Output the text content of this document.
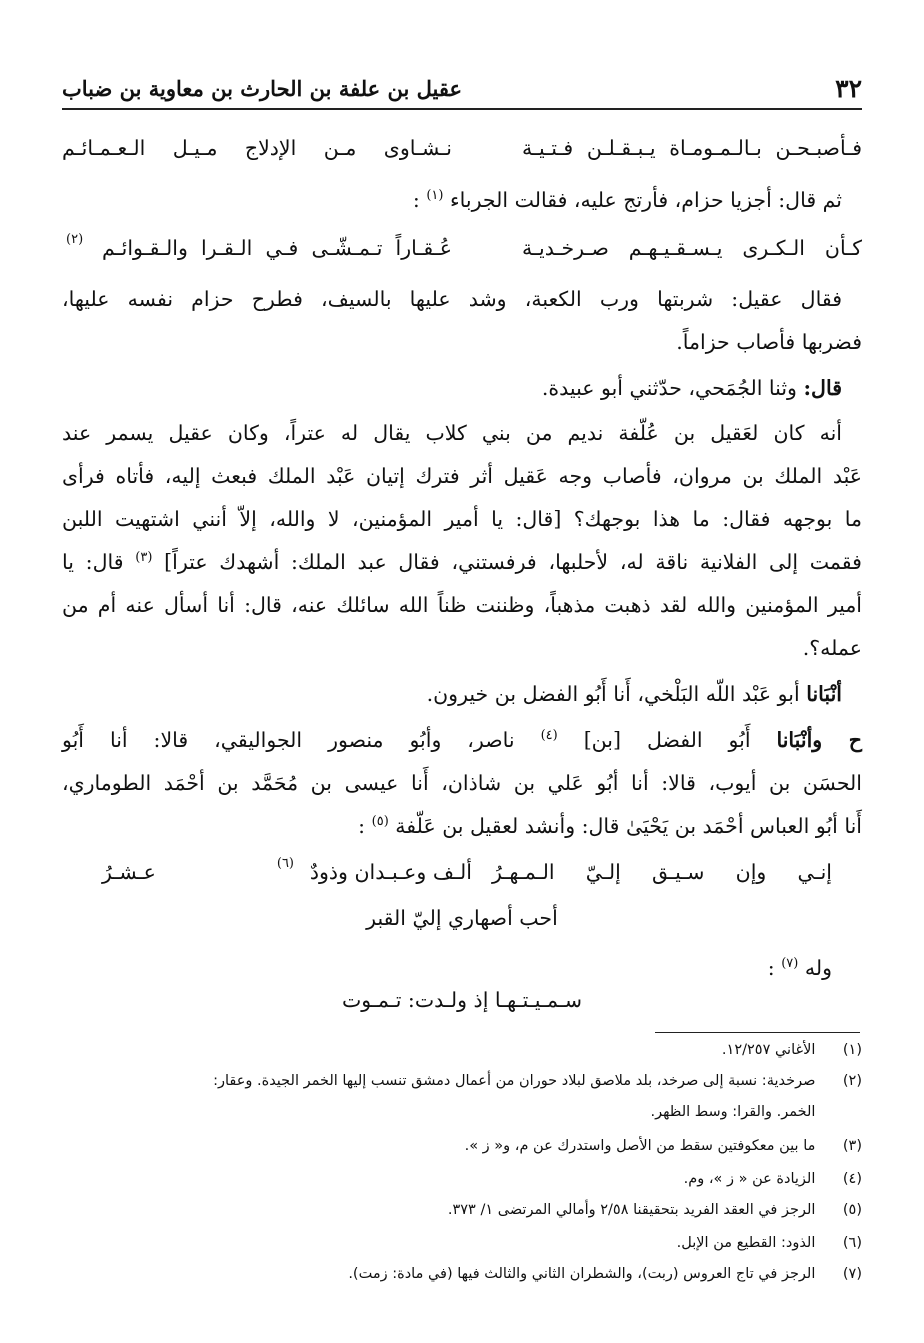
٣٢
عقيل بن علفة بن الحارث بن معاوية بن ضباب
فـأصبـحـن بـالـمـومـاة يـبـقـلـن فـتـيـة
نـشـاوى مـن الإدلاج مـيـل الـعـمـائـم
ثم قال: أجزيا حزام، فأرتج عليه، فقالت الجرباء $^{(١)}$ :
كـأن الـكـرى يـسـقـيـهـم صـرخـديـة
عُـقـاراً تـمـشّـى فـي الـقـرا والـقـوائـم
(٢)
فقال عقيل: شربتها ورب الكعبة، وشد عليها بالسيف، فطرح حزام نفسه عليها،
فضربها فأصاب حزاماً.
قال: وثنا الجُمَحي، حدّثني أبو عبيدة.
أنه كان لعَقيل بن عُلّفة نديم من بني كلاب يقال له عتراً، وكان عقيل يسمر عند
عَبْد الملك بن مروان، فأصاب وجه عَقيل أثر فترك إتيان عَبْد الملك فبعث إليه، فأتاه فرأى
ما بوجهه فقال: ما هذا بوجهك؟ [قال: يا أمير المؤمنين، لا والله، إلاّ أنني اشتهيت اللبن
فقمت إلى الفلانية ناقة له، لأحلبها، فرفستني، فقال عبد الملك: أشهدك عتراً] $^{(٣)}$ قال: يا
أمير المؤمنين والله لقد ذهبت مذهباً، وظننت ظناً الله سائلك عنه، قال: أنا أسأل عنه أم من
عمله؟.
أنْبَانا أبو عَبْد اللّه البَلْخي، أَنا أَبُو الفضل بن خيرون.
ح وأنْبَانا أَبُو الفضل [بن] $^{(٤)}$ ناصر، وأبُو منصور الجواليقي، قالا: أنا أَبُو
الحسَن بن أيوب، قالا: أنا أبُو عَلي بن شاذان، أَنا عيسى بن مُحَمَّد بن أحْمَد الطوماري،
أَنا أبُو العباس أحْمَد بن يَحْيَىٰ قال: وأنشد لعقيل بن عَلّفة $^{(٥)}$ :
إنـي وإن سـيـق إلـيّ الـمـهـرُ
ألـف وعـبـدان وذودٌ
(٦)
عـشـرُ
أحب أصهاري إليّ القبر
وله $^{(٧)}$ :
سـمـيـتـهـا إذ ولـدت: تـمـوت
(١) الأغاني ١٢/٢٥٧.
(٢) صرخدية: نسبة إلى صرخد، بلد ملاصق لبلاد حوران من أعمال دمشق تنسب إليها الخمر الجيدة. وعقار:
الخمر. والقرا: وسط الظهر.
(٣) ما بين معكوفتين سقط من الأصل واستدرك عن م، و« ز ».
(٤) الزيادة عن « ز »، وم.
(٥) الرجز في العقد الفريد بتحقيقنا ٢/٥٨ وأمالي المرتضى ١/ ٣٧٣.
(٦) الذود: القطيع من الإبل.
(٧) الرجز في تاج العروس (ربت)، والشطران الثاني والثالث فيها (في مادة: زمت).
